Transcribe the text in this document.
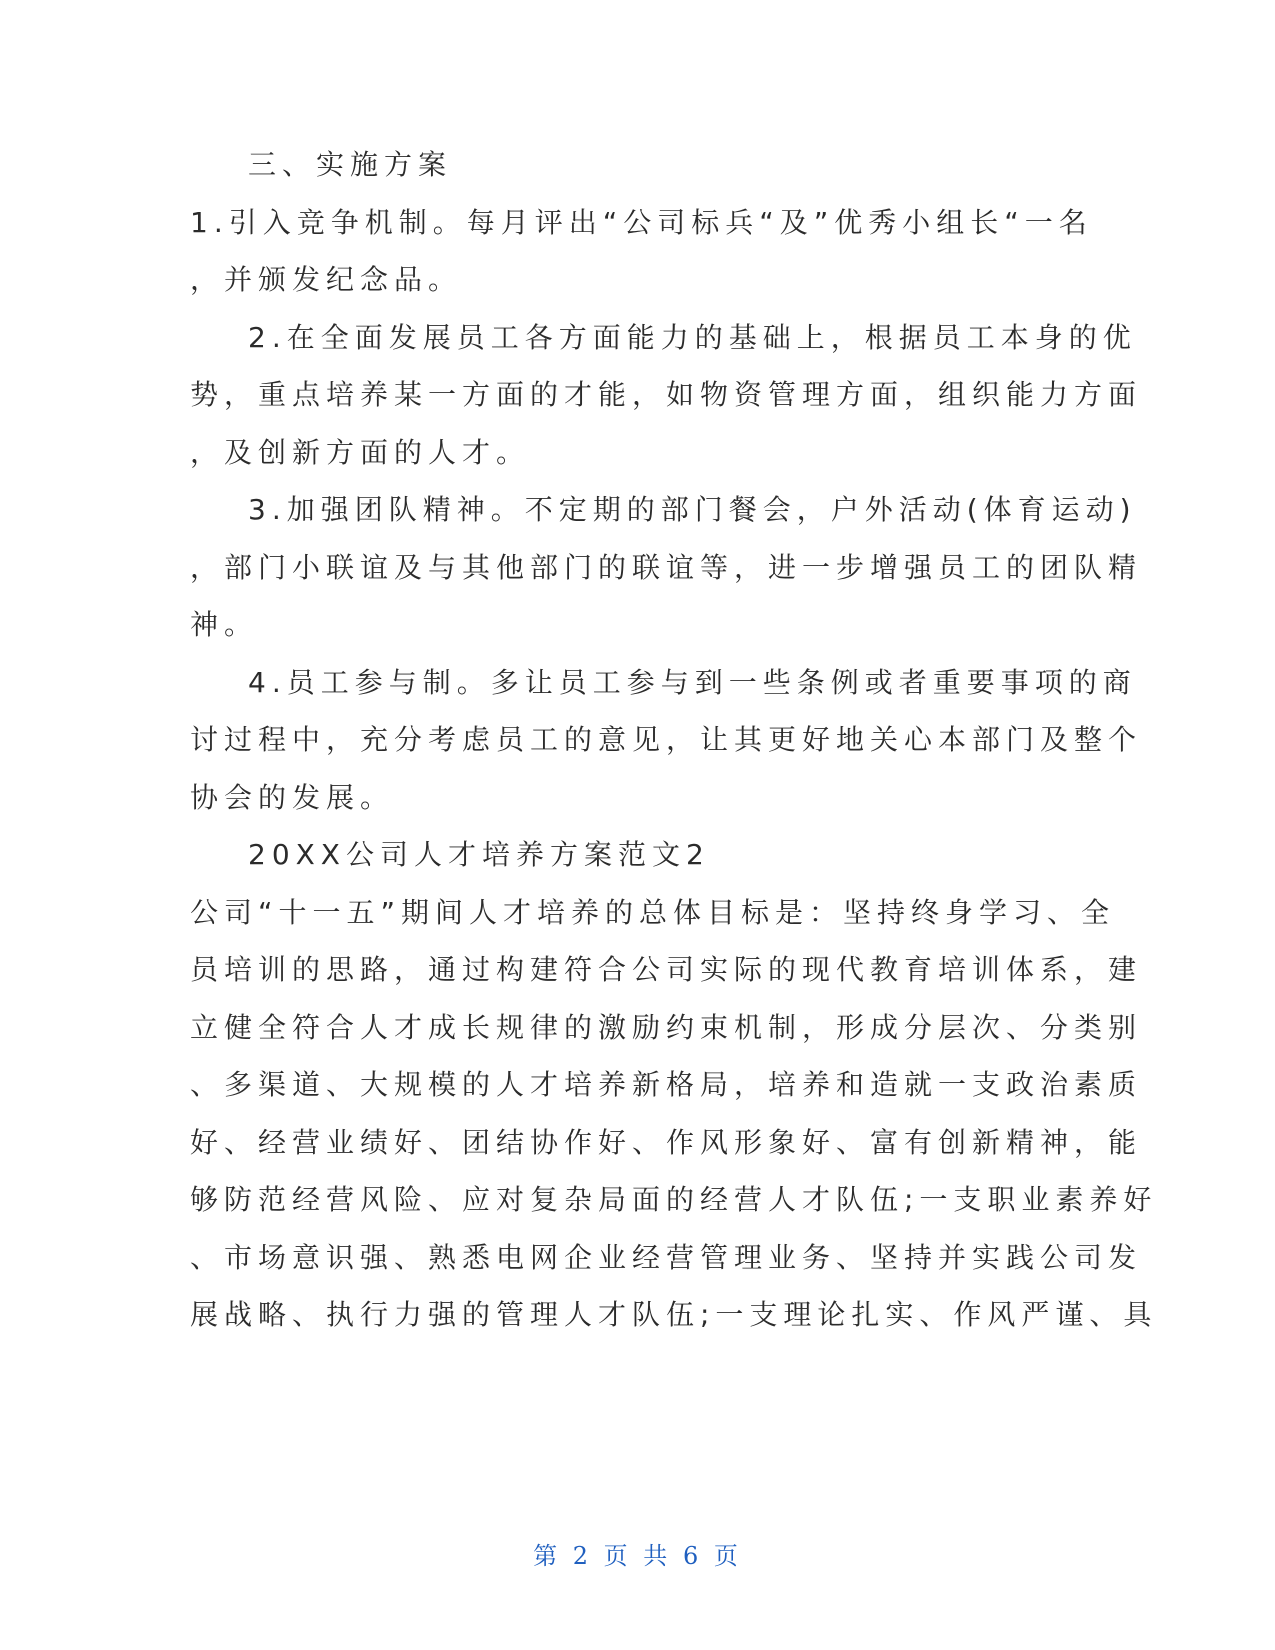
三、实施方案
1.引入竞争机制。每月评出“公司标兵“及”优秀小组长“一名
，并颁发纪念品。
2.在全面发展员工各方面能力的基础上，根据员工本身的优
势，重点培养某一方面的才能，如物资管理方面，组织能力方面
，及创新方面的人才。
3.加强团队精神。不定期的部门餐会，户外活动(体育运动)
，部门小联谊及与其他部门的联谊等，进一步增强员工的团队精
神。
4.员工参与制。多让员工参与到一些条例或者重要事项的商
讨过程中，充分考虑员工的意见，让其更好地关心本部门及整个
协会的发展。
20XX公司人才培养方案范文2
公司“十一五”期间人才培养的总体目标是：坚持终身学习、全
员培训的思路，通过构建符合公司实际的现代教育培训体系，建
立健全符合人才成长规律的激励约束机制，形成分层次、分类别
、多渠道、大规模的人才培养新格局，培养和造就一支政治素质
好、经营业绩好、团结协作好、作风形象好、富有创新精神，能
够防范经营风险、应对复杂局面的经营人才队伍;一支职业素养好
、市场意识强、熟悉电网企业经营管理业务、坚持并实践公司发
展战略、执行力强的管理人才队伍;一支理论扎实、作风严谨、具
第 2 页 共 6 页
